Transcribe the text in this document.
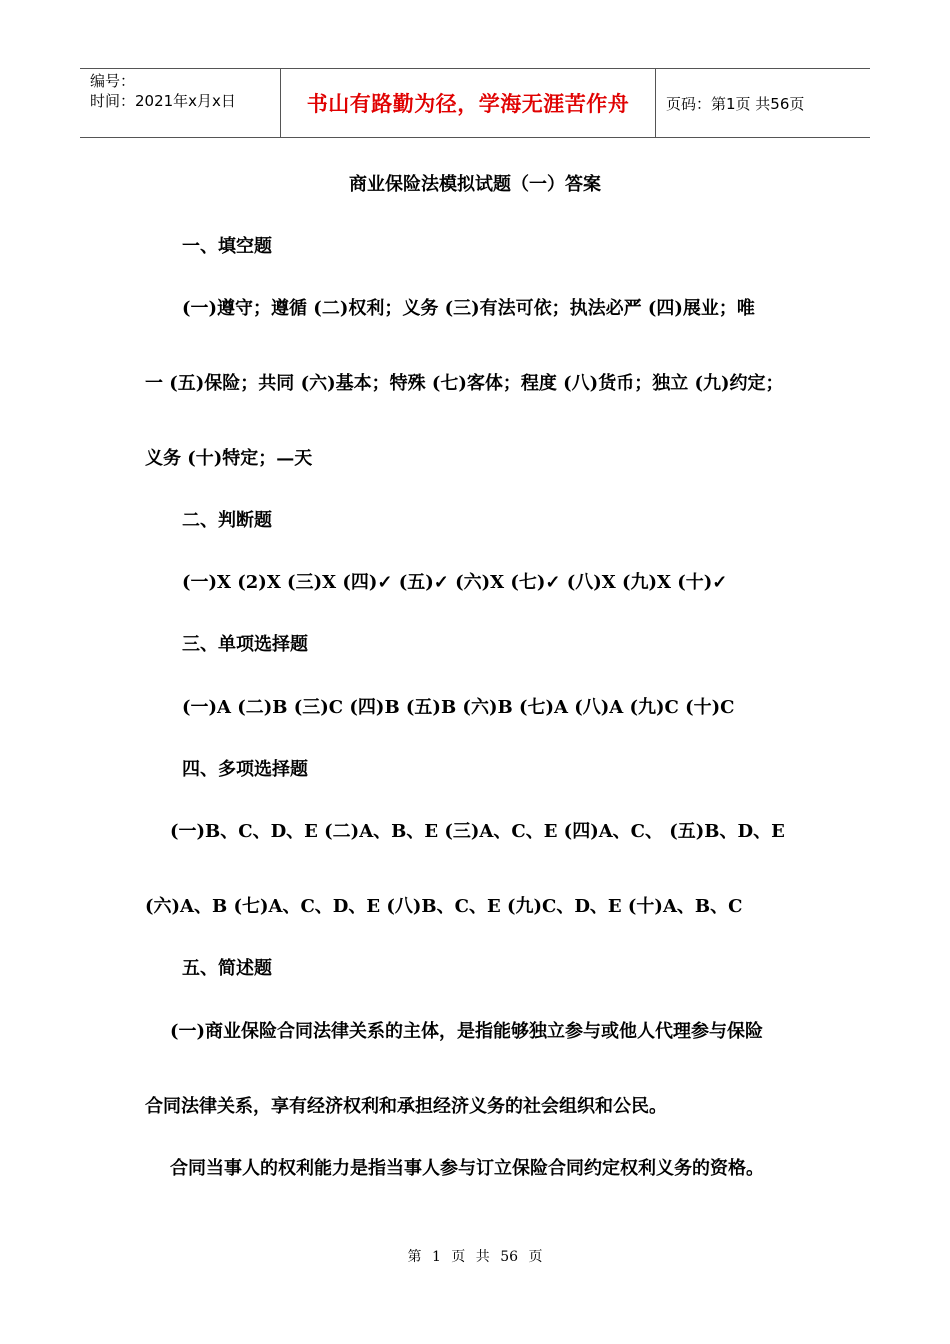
编号：
时间：2021年x月x日	书山有路勤为径，学海无涯苦作舟	页码：第1页 共56页
商业保险法模拟试题（一）答案
一、填空题
(一)遵守；遵循 (二)权利；义务 (三)有法可依；执法必严 (四)展业；唯
一 (五)保险；共同 (六)基本；特殊 (七)客体；程度 (八)货币；独立 (九)约定；
义务 (十)特定；—天
二、判断题
(一)X (2)X (三)X (四)✓ (五)✓ (六)X (七)✓ (八)X (九)X (十)✓
三、单项选择题
(一)A (二)B (三)C (四)B (五)B (六)B (七)A (八)A (九)C (十)C
四、多项选择题
(一)B、C、D、E (二)A、B、E (三)A、C、E (四)A、C、 (五)B、D、E
(六)A、B (七)A、C、D、E (八)B、C、E (九)C、D、E (十)A、B、C
五、简述题
(一)商业保险合同法律关系的主体，是指能够独立参与或他人代理参与保险
合同法律关系，享有经济权利和承担经济义务的社会组织和公民。
合同当事人的权利能力是指当事人参与订立保险合同约定权利义务的资格。
第 1 页 共 56 页
